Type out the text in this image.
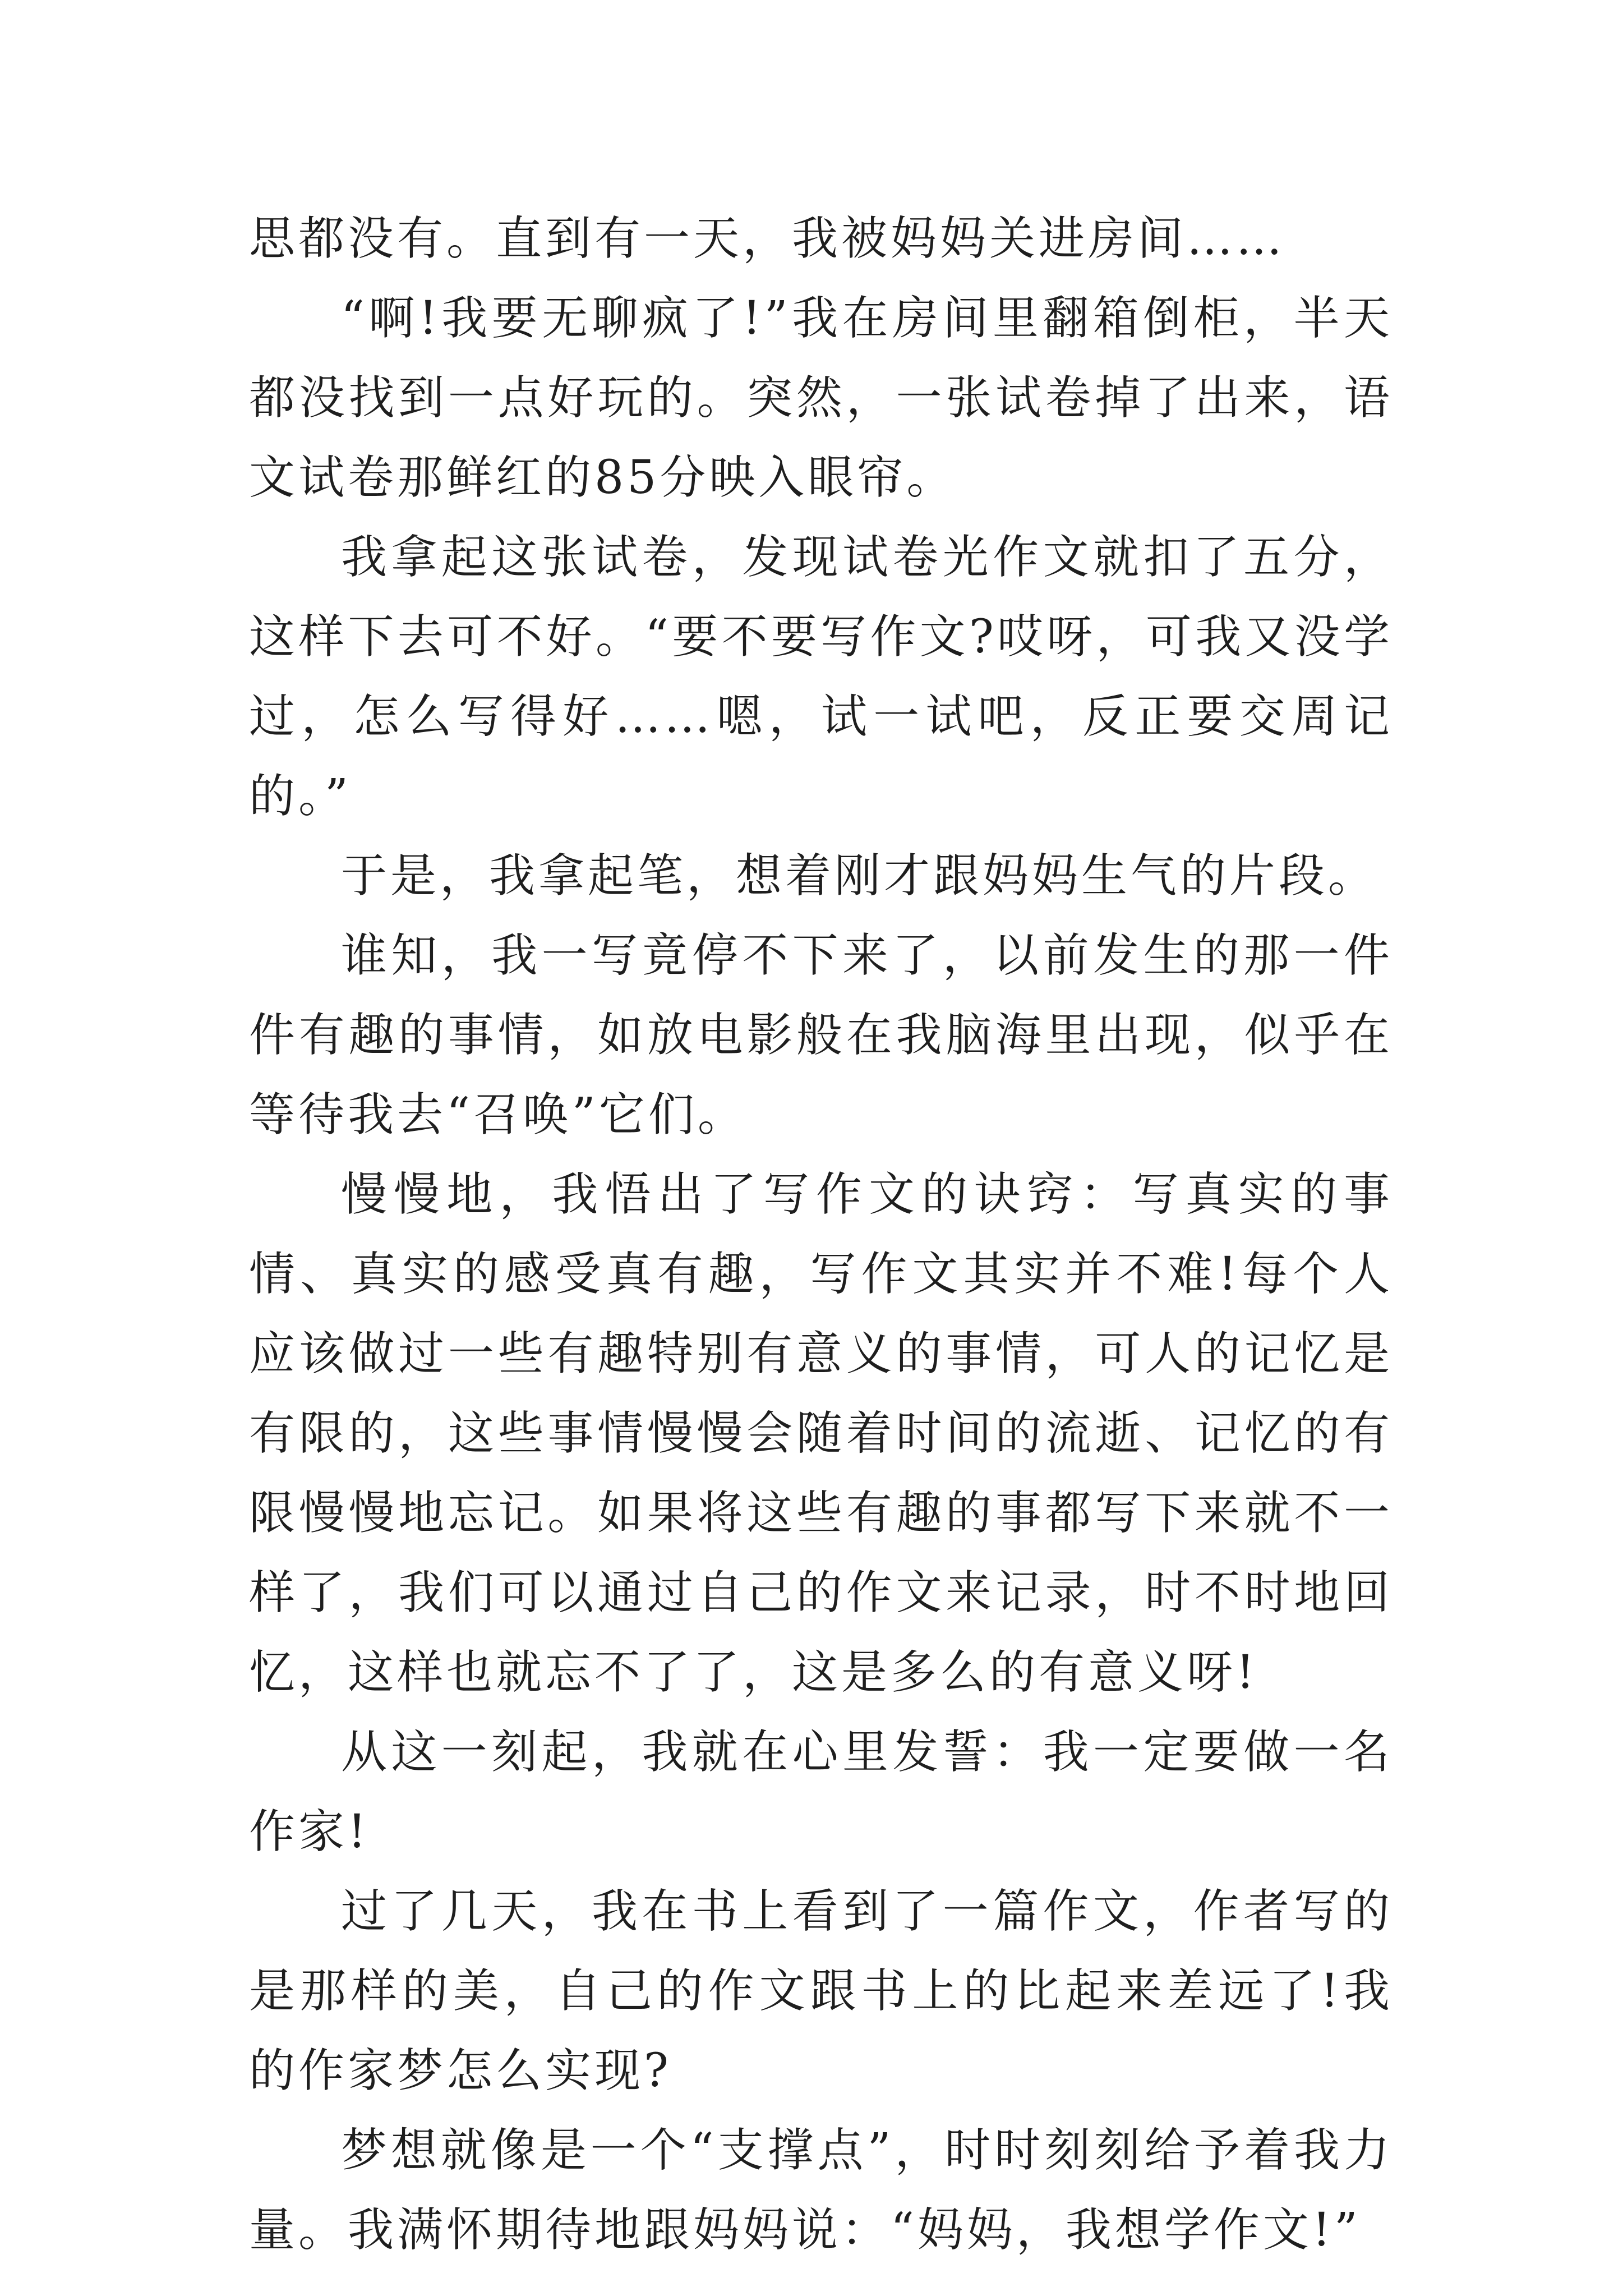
思都没有。直到有一天，我被妈妈关进房间……

“啊!我要无聊疯了!”我在房间里翻箱倒柜，半天都没找到一点好玩的。突然，一张试卷掉了出来，语文试卷那鲜红的85分映入眼帘。

我拿起这张试卷，发现试卷光作文就扣了五分，这样下去可不好。“要不要写作文?哎呀，可我又没学过，怎么写得好……嗯，试一试吧，反正要交周记的。”

于是，我拿起笔，想着刚才跟妈妈生气的片段。

谁知，我一写竟停不下来了，以前发生的那一件件有趣的事情，如放电影般在我脑海里出现，似乎在等待我去“召唤”它们。

慢慢地，我悟出了写作文的诀窍：写真实的事情、真实的感受真有趣，写作文其实并不难!每个人应该做过一些有趣特别有意义的事情，可人的记忆是有限的，这些事情慢慢会随着时间的流逝、记忆的有限慢慢地忘记。如果将这些有趣的事都写下来就不一样了，我们可以通过自己的作文来记录，时不时地回忆，这样也就忘不了了，这是多么的有意义呀!

从这一刻起，我就在心里发誓：我一定要做一名作家!

过了几天，我在书上看到了一篇作文，作者写的是那样的美，自己的作文跟书上的比起来差远了!我的作家梦怎么实现?

梦想就像是一个“支撑点”，时时刻刻给予着我力量。我满怀期待地跟妈妈说：“妈妈，我想学作文!”
